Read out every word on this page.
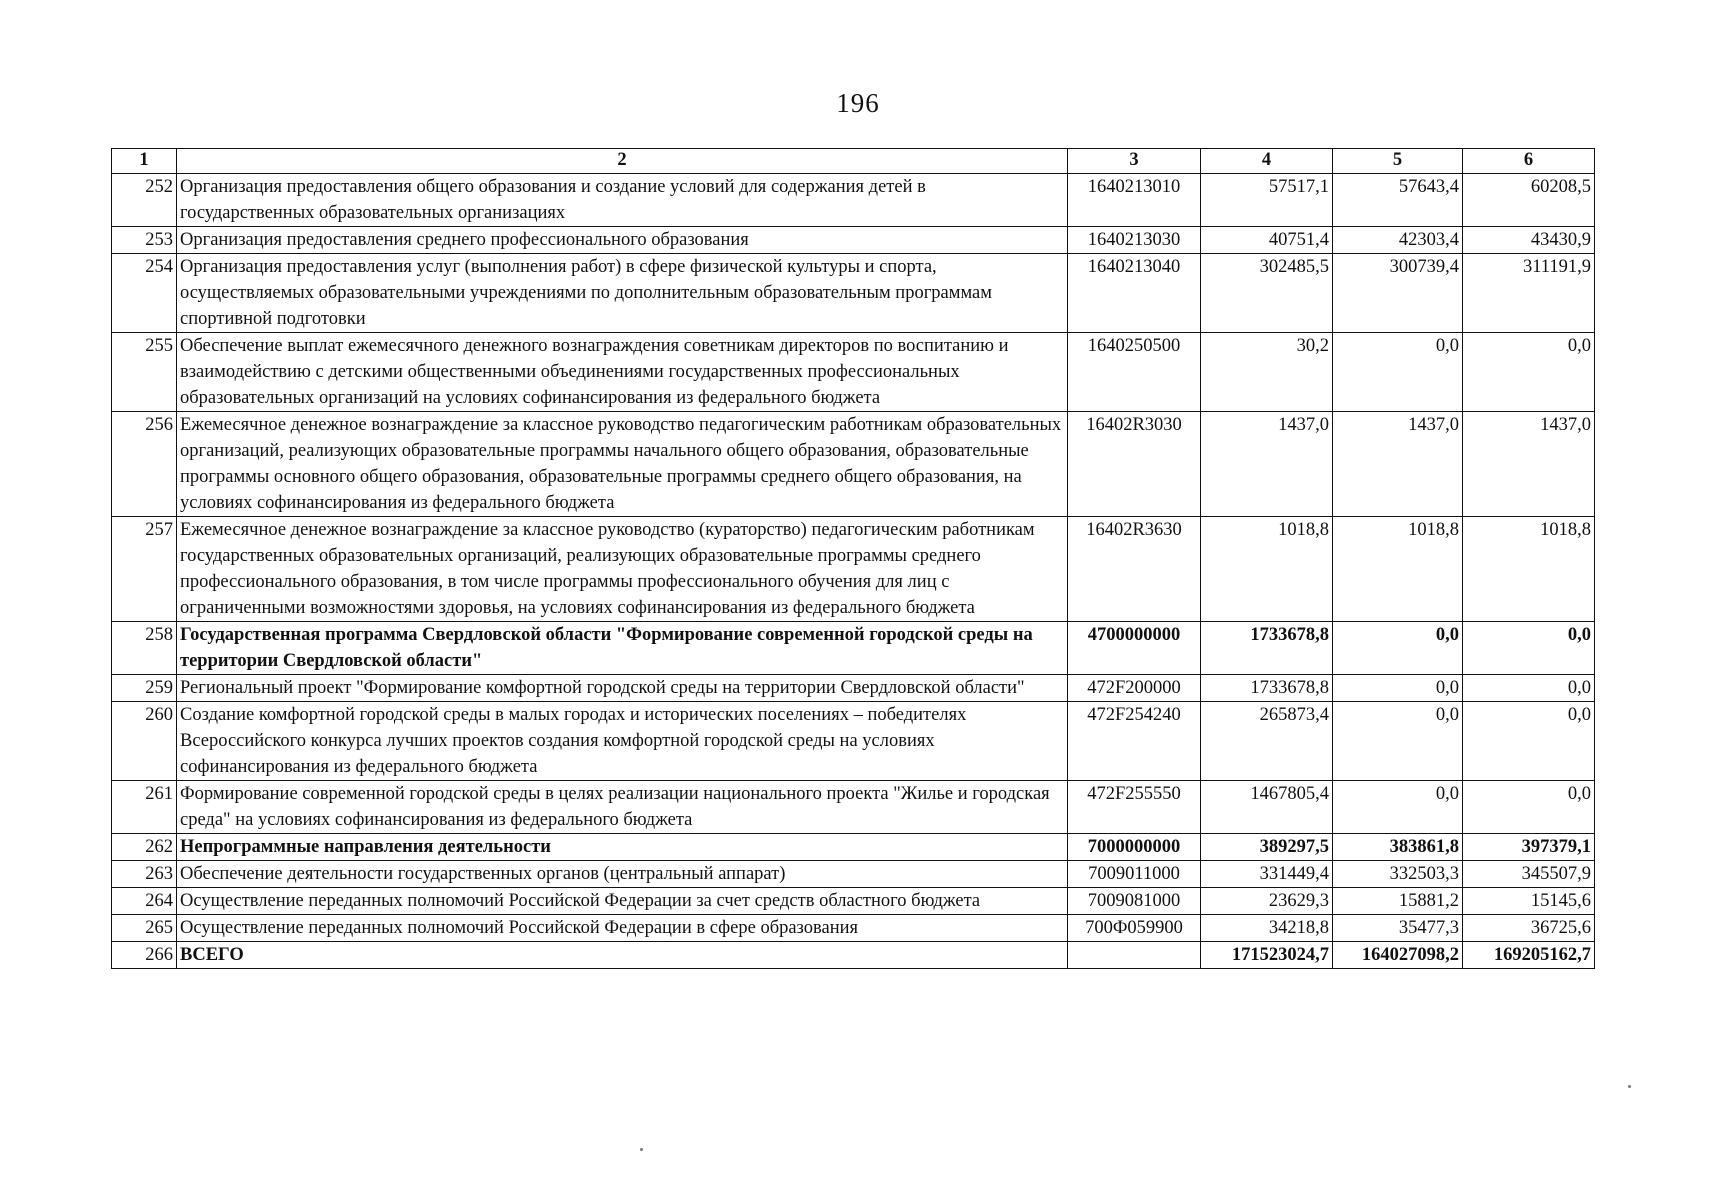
196
1	2	3	4	5	6
252	Организация предоставления общего образования и создание условий для содержания детей в государственных образовательных организациях	1640213010	57517,1	57643,4	60208,5
253	Организация предоставления среднего профессионального образования	1640213030	40751,4	42303,4	43430,9
254	Организация предоставления услуг (выполнения работ) в сфере физической культуры и спорта, осуществляемых образовательными учреждениями по дополнительным образовательным программам спортивной подготовки	1640213040	302485,5	300739,4	311191,9
255	Обеспечение выплат ежемесячного денежного вознаграждения советникам директоров по воспитанию и взаимодействию с детскими общественными объединениями государственных профессиональных образовательных организаций на условиях софинансирования из федерального бюджета	1640250500	30,2	0,0	0,0
256	Ежемесячное денежное вознаграждение за классное руководство педагогическим работникам образовательных организаций, реализующих образовательные программы начального общего образования, образовательные программы основного общего образования, образовательные программы среднего общего образования, на условиях софинансирования из федерального бюджета	16402R3030	1437,0	1437,0	1437,0
257	Ежемесячное денежное вознаграждение за классное руководство (кураторство) педагогическим работникам государственных образовательных организаций, реализующих образовательные программы среднего профессионального образования, в том числе программы профессионального обучения для лиц с ограниченными возможностями здоровья, на условиях софинансирования из федерального бюджета	16402R3630	1018,8	1018,8	1018,8
258	Государственная программа Свердловской области "Формирование современной городской среды на территории Свердловской области"	4700000000	1733678,8	0,0	0,0
259	Региональный проект "Формирование комфортной городской среды на территории Свердловской области"	472F200000	1733678,8	0,0	0,0
260	Создание комфортной городской среды в малых городах и исторических поселениях – победителях Всероссийского конкурса лучших проектов создания комфортной городской среды на условиях софинансирования из федерального бюджета	472F254240	265873,4	0,0	0,0
261	Формирование современной городской среды в целях реализации национального проекта "Жилье и городская среда" на условиях софинансирования из федерального бюджета	472F255550	1467805,4	0,0	0,0
262	Непрограммные направления деятельности	7000000000	389297,5	383861,8	397379,1
263	Обеспечение деятельности государственных органов (центральный аппарат)	7009011000	331449,4	332503,3	345507,9
264	Осуществление переданных полномочий Российской Федерации за счет средств областного бюджета	7009081000	23629,3	15881,2	15145,6
265	Осуществление переданных полномочий Российской Федерации в сфере образования	700Ф059900	34218,8	35477,3	36725,6
266	ВСЕГО		171523024,7	164027098,2	169205162,7
